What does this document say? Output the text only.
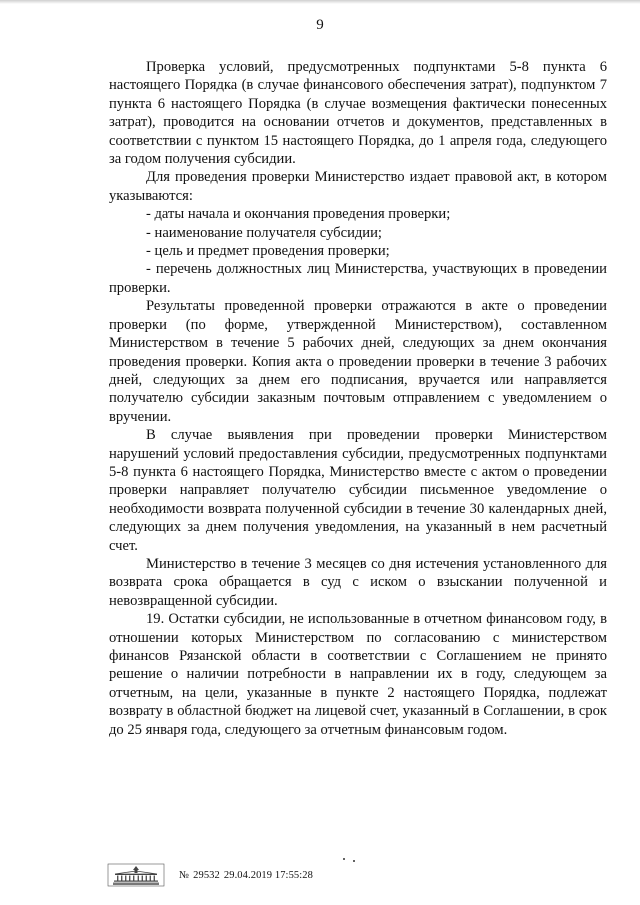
9

Проверка условий, предусмотренных подпунктами 5-8 пункта 6 настоящего Порядка (в случае финансового обеспечения затрат), подпунктом 7 пункта 6 настоящего Порядка (в случае возмещения фактически понесенных затрат), проводится на основании отчетов и документов, представленных в соответствии с пунктом 15 настоящего Порядка, до 1 апреля года, следующего за годом получения субсидии.

Для проведения проверки Министерство издает правовой акт, в котором указываются:

- даты начала и окончания проведения проверки;

- наименование получателя субсидии;

- цель и предмет проведения проверки;

- перечень должностных лиц Министерства, участвующих в проведении проверки.

Результаты проведенной проверки отражаются в акте о проведении проверки (по форме, утвержденной Министерством), составленном Министерством в течение 5 рабочих дней, следующих за днем окончания проведения проверки. Копия акта о проведении проверки в течение 3 рабочих дней, следующих за днем его подписания, вручается или направляется получателю субсидии заказным почтовым отправлением с уведомлением о вручении.

В случае выявления при проведении проверки Министерством нарушений условий предоставления субсидии, предусмотренных подпунктами 5-8 пункта 6 настоящего Порядка, Министерство вместе с актом о проведении проверки направляет получателю субсидии письменное уведомление о необходимости возврата полученной субсидии в течение 30 календарных дней, следующих за днем получения уведомления, на указанный в нем расчетный счет.

Министерство в течение 3 месяцев со дня истечения установленного для возврата срока обращается в суд с иском о взыскании полученной и невозвращенной субсидии.

19. Остатки субсидии, не использованные в отчетном финансовом году, в отношении которых Министерством по согласованию с министерством финансов Рязанской области в соответствии с Соглашением не принято решение о наличии потребности в направлении их в году, следующем за отчетным, на цели, указанные в пункте 2 настоящего Порядка, подлежат возврату в областной бюджет на лицевой счет, указанный в Соглашении, в срок до 25 января года, следующего за отчетным финансовым годом.

№ 29532 29.04.2019 17:55:28
